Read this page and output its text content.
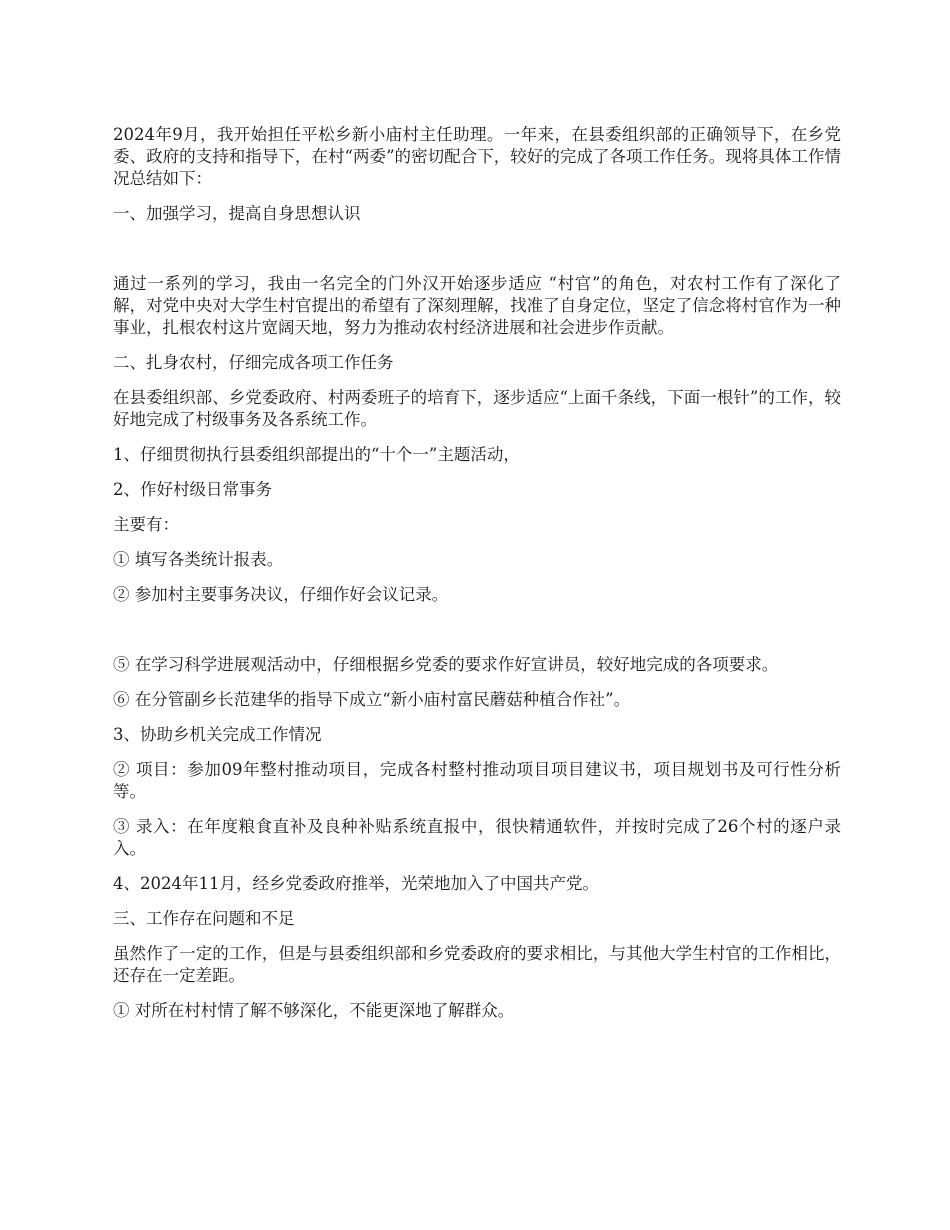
2024年9月，我开始担任平松乡新小庙村主任助理。一年来，在县委组织部的正确领导下，在乡党委、政府的支持和指导下，在村“两委”的密切配合下，较好的完成了各项工作任务。现将具体工作情况总结如下：

一、加强学习，提高自身思想认识

通过一系列的学习，我由一名完全的门外汉开始逐步适应 “村官”的角色，对农村工作有了深化了解，对党中央对大学生村官提出的希望有了深刻理解，找准了自身定位，坚定了信念将村官作为一种事业，扎根农村这片宽阔天地，努力为推动农村经济进展和社会进步作贡献。

二、扎身农村，仔细完成各项工作任务

在县委组织部、乡党委政府、村两委班子的培育下，逐步适应“上面千条线，下面一根针”的工作，较好地完成了村级事务及各系统工作。

1、仔细贯彻执行县委组织部提出的“十个一”主题活动，

2、作好村级日常事务

主要有：

① 填写各类统计报表。

② 参加村主要事务决议，仔细作好会议记录。

⑤ 在学习科学进展观活动中，仔细根据乡党委的要求作好宣讲员，较好地完成的各项要求。

⑥ 在分管副乡长范建华的指导下成立“新小庙村富民蘑菇种植合作社”。

3、协助乡机关完成工作情况

② 项目：参加09年整村推动项目，完成各村整村推动项目项目建议书，项目规划书及可行性分析等。

③ 录入：在年度粮食直补及良种补贴系统直报中，很快精通软件，并按时完成了26个村的逐户录入。

4、2024年11月，经乡党委政府推举，光荣地加入了中国共产党。

三、工作存在问题和不足

虽然作了一定的工作，但是与县委组织部和乡党委政府的要求相比，与其他大学生村官的工作相比，还存在一定差距。

① 对所在村村情了解不够深化，不能更深地了解群众。
